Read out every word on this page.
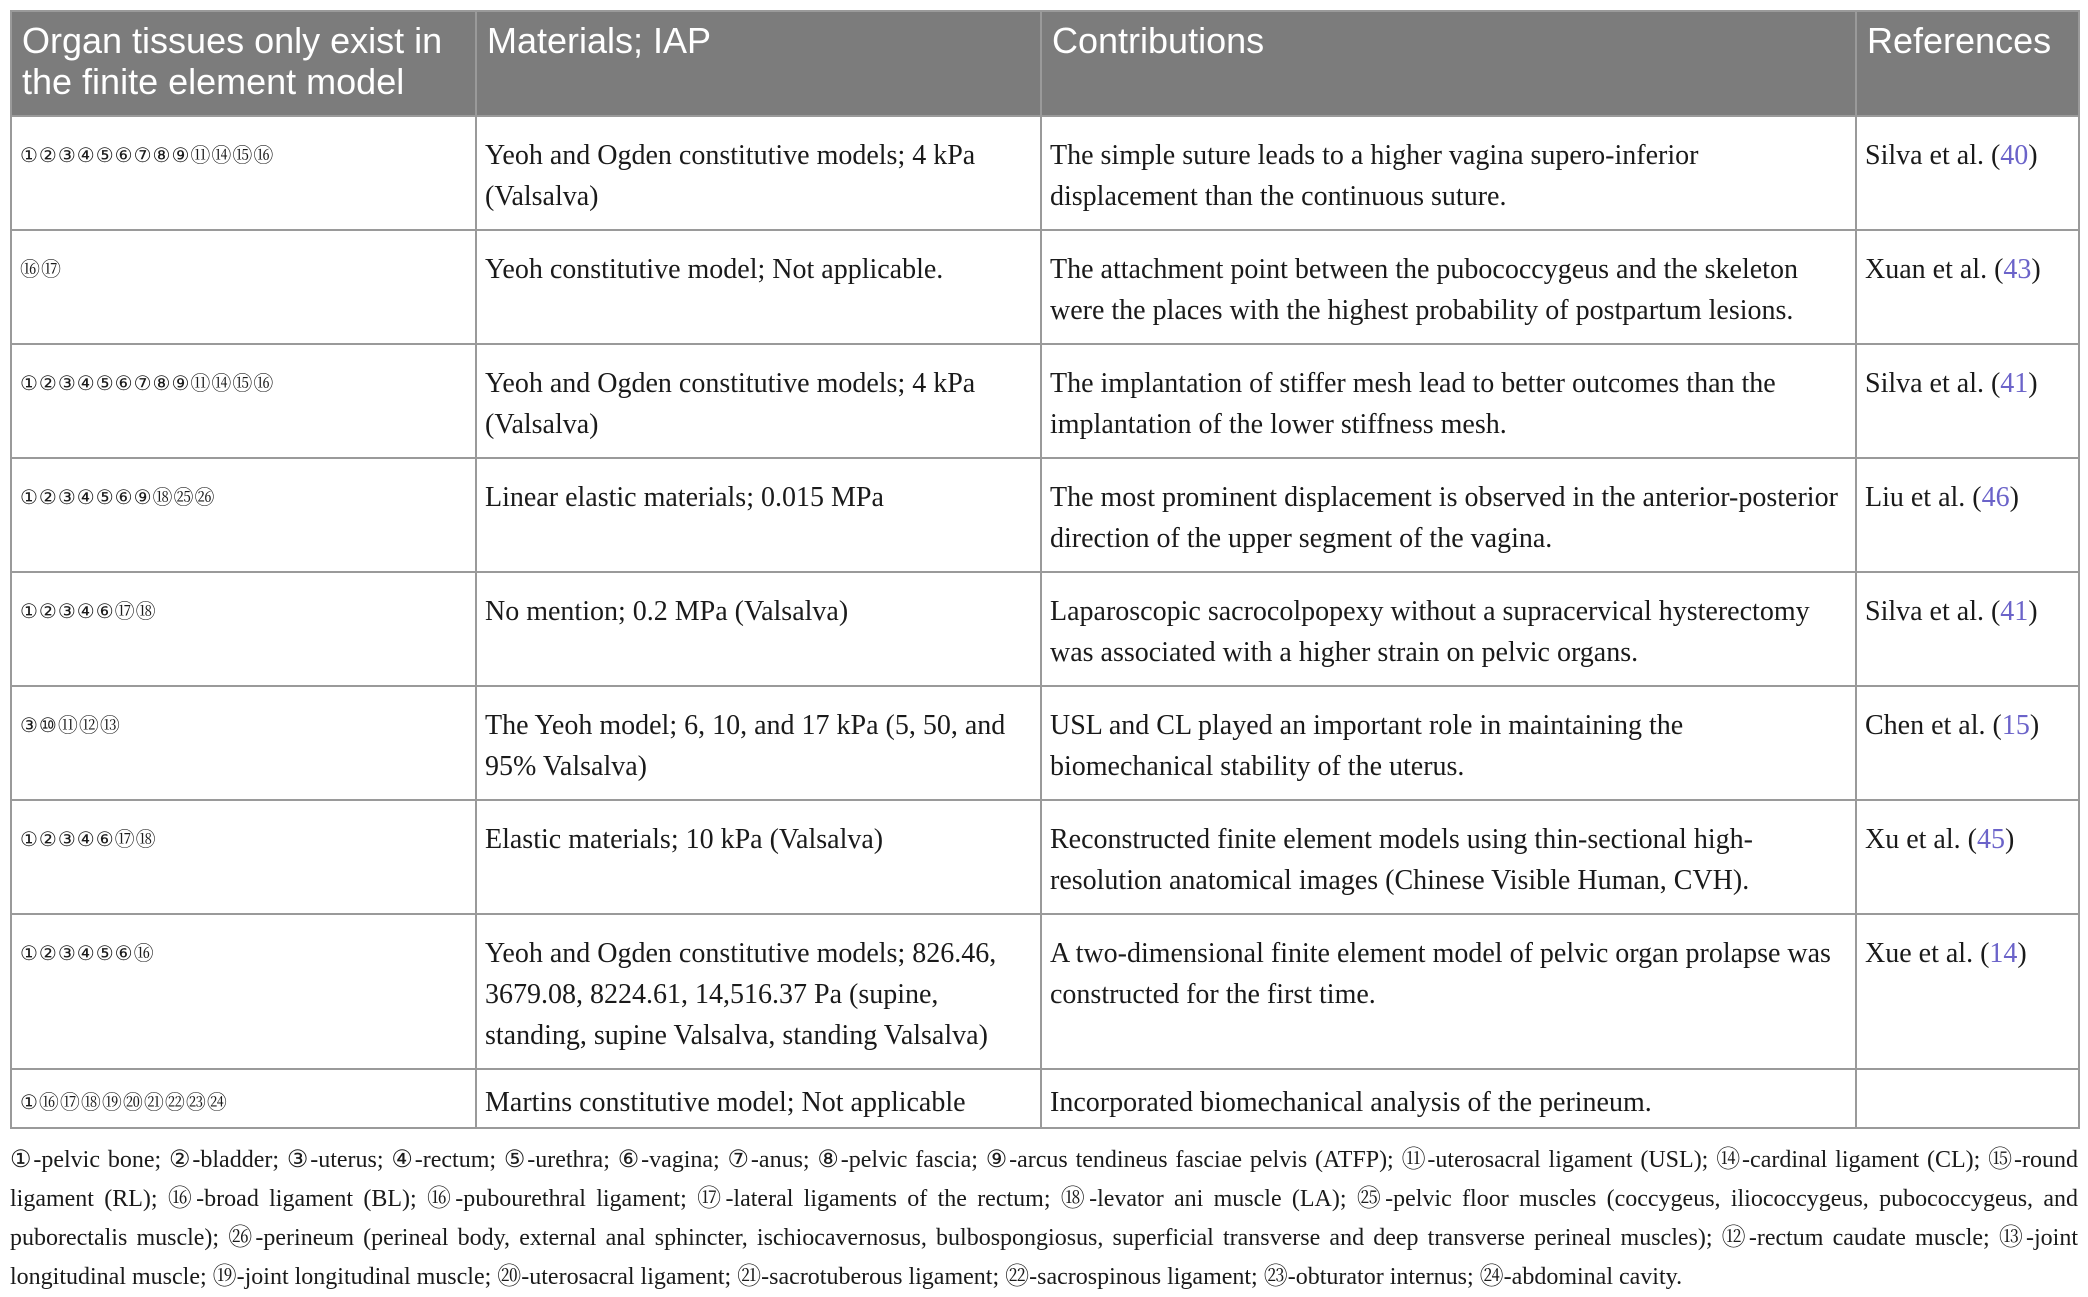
Organ tissues only exist in the finite element model	Materials; IAP	Contributions	References
①②③④⑤⑥⑦⑧⑨⑪⑭⑮⑯	Yeoh and Ogden constitutive models; 4 kPa (Valsalva)	The simple suture leads to a higher vagina supero-inferior displacement than the continuous suture.	Silva et al. (40)
⑯⑰	Yeoh constitutive model; Not applicable.	The attachment point between the pubococcygeus and the skeleton were the places with the highest probability of postpartum lesions.	Xuan et al. (43)
①②③④⑤⑥⑦⑧⑨⑪⑭⑮⑯	Yeoh and Ogden constitutive models; 4 kPa (Valsalva)	The implantation of stiffer mesh lead to better outcomes than the implantation of the lower stiffness mesh.	Silva et al. (41)
①②③④⑤⑥⑨⑱㉕㉖	Linear elastic materials; 0.015 MPa	The most prominent displacement is observed in the anterior-posterior direction of the upper segment of the vagina.	Liu et al. (46)
①②③④⑥⑰⑱	No mention; 0.2 MPa (Valsalva)	Laparoscopic sacrocolpopexy without a supracervical hysterectomy was associated with a higher strain on pelvic organs.	Silva et al. (41)
③⑩⑪⑫⑬	The Yeoh model; 6, 10, and 17 kPa (5, 50, and 95% Valsalva)	USL and CL played an important role in maintaining the biomechanical stability of the uterus.	Chen et al. (15)
①②③④⑥⑰⑱	Elastic materials; 10 kPa (Valsalva)	Reconstructed finite element models using thin-sectional high-resolution anatomical images (Chinese Visible Human, CVH).	Xu et al. (45)
①②③④⑤⑥⑯	Yeoh and Ogden constitutive models; 826.46, 3679.08, 8224.61, 14,516.37 Pa (supine, standing, supine Valsalva, standing Valsalva)	A two-dimensional finite element model of pelvic organ prolapse was constructed for the first time.	Xue et al. (14)
①⑯⑰⑱⑲⑳㉑㉒㉓㉔	Martins constitutive model; Not applicable	Incorporated biomechanical analysis of the perineum.	
①-pelvic bone; ②-bladder; ③-uterus; ④-rectum; ⑤-urethra; ⑥-vagina; ⑦-anus; ⑧-pelvic fascia; ⑨-arcus tendineus fasciae pelvis (ATFP); ⑪-uterosacral ligament (USL); ⑭-cardinal ligament (CL); ⑮-round ligament (RL); ⑯-broad ligament (BL); ⑯-pubourethral ligament; ⑰-lateral ligaments of the rectum; ⑱-levator ani muscle (LA); ㉕-pelvic floor muscles (coccygeus, iliococcygeus, pubococcygeus, and puborectalis muscle); ㉖-perineum (perineal body, external anal sphincter, ischiocavernosus, bulbospongiosus, superficial transverse and deep transverse perineal muscles); ⑫-rectum caudate muscle; ⑬-joint longitudinal muscle; ⑲-joint longitudinal muscle; ⑳-uterosacral ligament; ㉑-sacrotuberous ligament; ㉒-sacrospinous ligament; ㉓-obturator internus; ㉔-abdominal cavity.
